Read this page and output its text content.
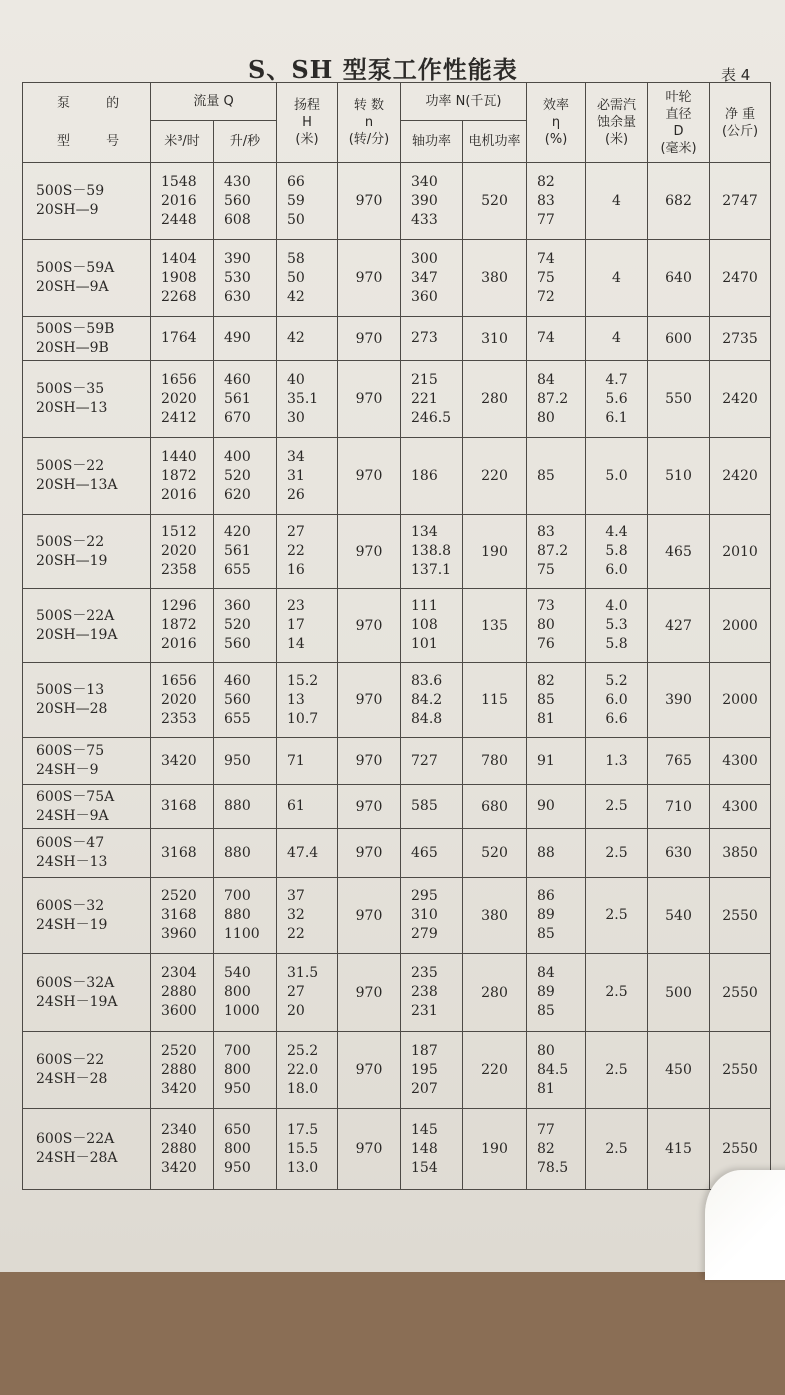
S、SH 型泵工作性能表	表 4
泵 的
型 号	流量 Q		扬程
H
(米)	转 数
n
(转/分)	功率 N(千瓦)		效率
η
(%)	必需汽
蚀余量
(米)	叶轮
直径
D
(毫米)	净 重
(公斤)

	米³/时	升/秒			轴功率	电机功率				

500S－59
20SH—9	1548
2016
2448	430
560
608	66
59
50	970	340
390
433	520	82
83
77	4	682	2747

500S－59A
20SH—9A	1404
1908
2268	390
530
630	58
50
42	970	300
347
360	380	74
75
72	4	640	2470

500S－59B
20SH—9B	1764	490	42	970	273	310	74	4	600	2735

500S－35
20SH—13	1656
2020
2412	460
561
670	40
35.1
30	970	215
221
246.5	280	84
87.2
80	4.7
5.6
6.1	550	2420

500S－22
20SH—13A	1440
1872
2016	400
520
620	34
31
26	970	186	220	85	5.0	510	2420

500S－22
20SH—19	1512
2020
2358	420
561
655	27
22
16	970	134
138.8
137.1	190	83
87.2
75	4.4
5.8
6.0	465	2010

500S－22A
20SH—19A	1296
1872
2016	360
520
560	23
17
14	970	111
108
101	135	73
80
76	4.0
5.3
5.8	427	2000

500S－13
20SH—28	1656
2020
2353	460
560
655	15.2
13
10.7	970	83.6
84.2
84.8	115	82
85
81	5.2
6.0
6.6	390	2000

600S－75
24SH－9	3420	950	71	970	727	780	91	1.3	765	4300

600S－75A
24SH－9A	3168	880	61	970	585	680	90	2.5	710	4300

600S－47
24SH－13	3168	880	47.4	970	465	520	88	2.5	630	3850

600S－32
24SH－19	2520
3168
3960	700
880
1100	37
32
22	970	295
310
279	380	86
89
85	2.5	540	2550

600S－32A
24SH－19A	2304
2880
3600	540
800
1000	31.5
27
20	970	235
238
231	280	84
89
85	2.5	500	2550

600S－22
24SH－28	2520
2880
3420	700
800
950	25.2
22.0
18.0	970	187
195
207	220	80
84.5
81	2.5	450	2550

600S－22A
24SH－28A	2340
2880
3420	650
800
950	17.5
15.5
13.0	970	145
148
154	190	77
82
78.5	2.5	415	2550
